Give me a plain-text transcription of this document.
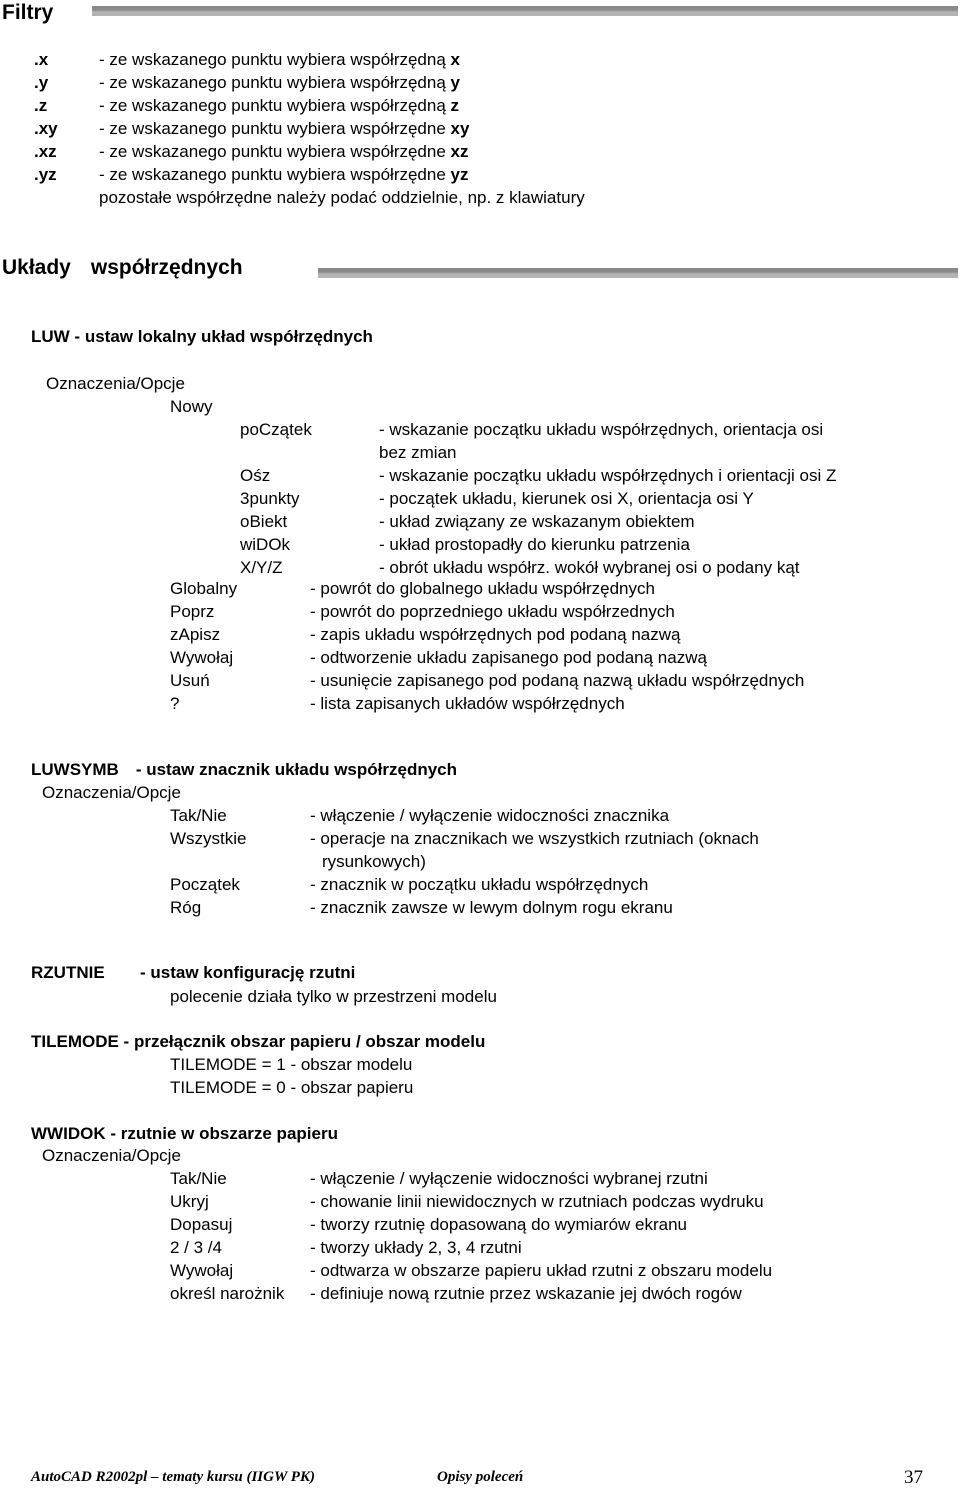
Filtry
.x	- ze wskazanego punktu wybiera współrzędną x
.y	- ze wskazanego punktu wybiera współrzędną y
.z	- ze wskazanego punktu wybiera współrzędną z
.xy - ze wskazanego punktu wybiera współrzędne xy
.xz - ze wskazanego punktu wybiera współrzędne xz
.yz - ze wskazanego punktu wybiera współrzędne yz
pozostałe współrzędne należy podać oddzielnie, np. z klawiatury
Układy współrzędnych
LUW - ustaw lokalny układ współrzędnych
Oznaczenia/Opcje
Nowy
poCzątek	- wskazanie początku układu współrzędnych, orientacja osi
bez zmian
Ośz	- wskazanie początku układu współrzędnych i orientacji osi Z
3punkty	- początek układu, kierunek osi X, orientacja osi Y
oBiekt	- układ związany ze wskazanym obiektem
wiDOk	- układ prostopadły do kierunku patrzenia
X/Y/Z	- obrót układu współrz. wokół wybranej osi o podany kąt
Globalny	- powrót do globalnego układu współrzędnych
Poprz	- powrót do poprzedniego układu współrzednych
zApisz	- zapis układu współrzędnych pod podaną nazwą
Wywołaj	- odtworzenie układu zapisanego pod podaną nazwą
Usuń	- usunięcie zapisanego pod podaną nazwą układu współrzędnych
?	- lista zapisanych układów współrzędnych
LUWSYMB - ustaw znacznik układu współrzędnych
Oznaczenia/Opcje
Tak/Nie	- włączenie / wyłączenie widoczności znacznika
Wszystkie	- operacje na znacznikach we wszystkich rzutniach (oknach
rysunkowych)
Początek	- znacznik w początku układu współrzędnych
Róg	- znacznik zawsze w lewym dolnym rogu ekranu
RZUTNIE - ustaw konfigurację rzutni
polecenie działa tylko w przestrzeni modelu
TILEMODE - przełącznik obszar papieru / obszar modelu
TILEMODE = 1 - obszar modelu
TILEMODE = 0 - obszar papieru
WWIDOK - rzutnie w obszarze papieru
Oznaczenia/Opcje
Tak/Nie	- włączenie / wyłączenie widoczności wybranej rzutni
Ukryj	- chowanie linii niewidocznych w rzutniach podczas wydruku
Dopasuj	- tworzy rzutnię dopasowaną do wymiarów ekranu
2 / 3 /4	- tworzy układy 2, 3, 4 rzutni
Wywołaj	- odtwarza w obszarze papieru układ rzutni z obszaru modelu
określ narożnik - definiuje nową rzutnie przez wskazanie jej dwóch rogów
AutoCAD R2002pl – tematy kursu (IIGW PK)	Opisy poleceń	37
